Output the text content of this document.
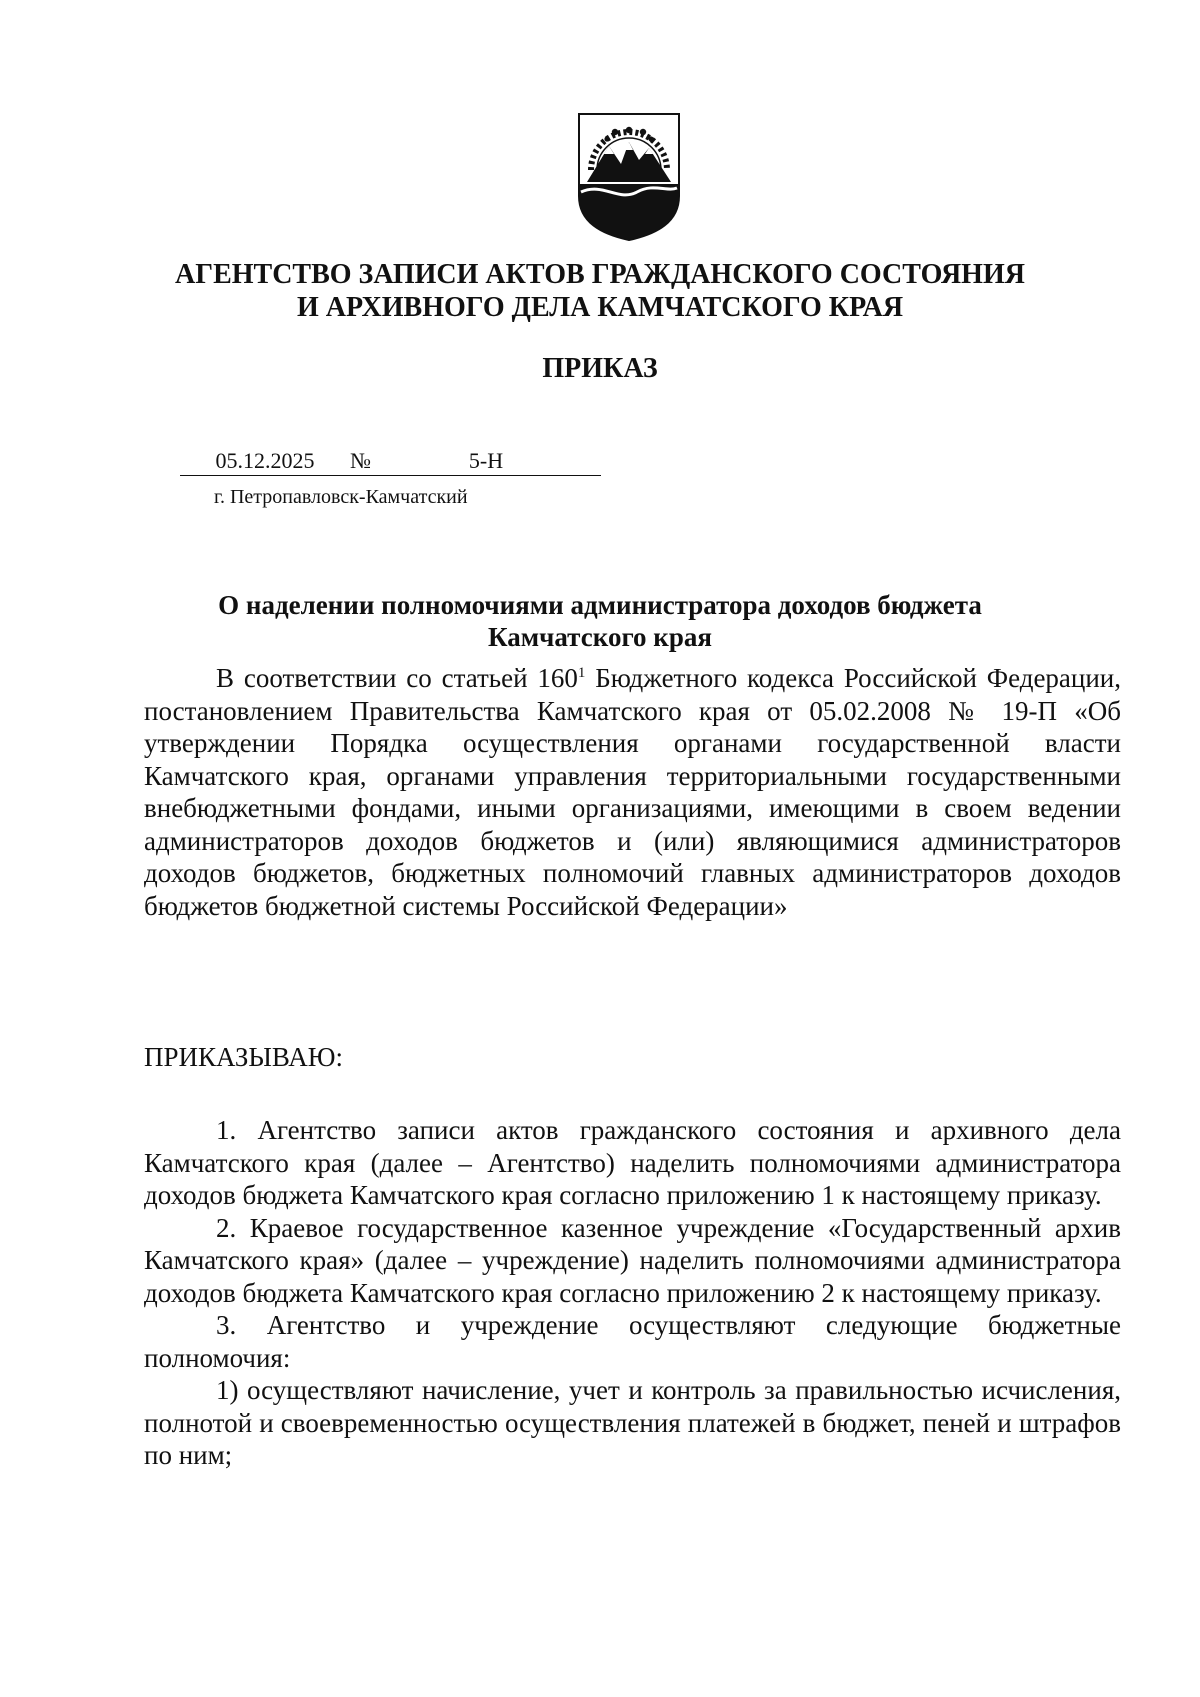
АГЕНТСТВО ЗАПИСИ АКТОВ ГРАЖДАНСКОГО СОСТОЯНИЯ
И АРХИВНОГО ДЕЛА КАМЧАТСКОГО КРАЯ
ПРИКАЗ
05.12.2025 №	5-Н
г. Петропавловск-Камчатский
О наделении полномочиями администратора доходов бюджета
Камчатского края

В соответствии со статьей $160^1$ Бюджетного кодекса Российской Федерации, постановлением Правительства Камчатского края от 05.02.2008 № 19-П «Об утверждении Порядка осуществления органами государственной власти Камчатского края, органами управления территориальными государственными внебюджетными фондами, иными организациями, имеющими в своем ведении администраторов доходов бюджетов и (или) являющимися администраторов доходов бюджетов, бюджетных полномочий главных администраторов доходов бюджетов бюджетной системы Российской Федерации»

ПРИКАЗЫВАЮ:

1. Агентство записи актов гражданского состояния и архивного дела Камчатского края (далее – Агентство) наделить полномочиями администратора доходов бюджета Камчатского края согласно приложению 1 к настоящему приказу.

2. Краевое государственное казенное учреждение «Государственный архив Камчатского края» (далее – учреждение) наделить полномочиями администратора доходов бюджета Камчатского края согласно приложению 2 к настоящему приказу.

3. Агентство и учреждение осуществляют следующие бюджетные полномочия:

1) осуществляют начисление, учет и контроль за правильностью исчисления, полнотой и своевременностью осуществления платежей в бюджет, пеней и штрафов по ним;
